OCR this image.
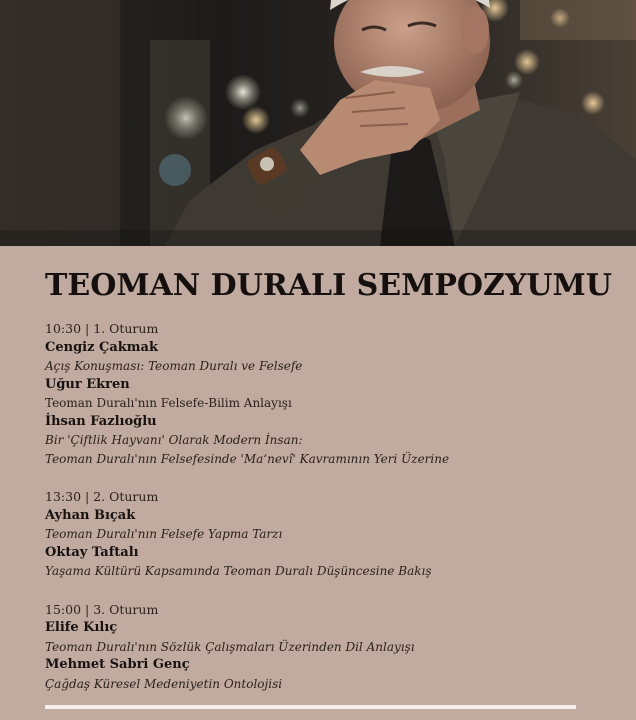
TEOMAN DURALI SEMPOZYUMU
10:30 | 1. Oturum
Cengiz Çakmak
Açış Konuşması: Teoman Duralı ve Felsefe
Uğur Ekren
Teoman Duralı'nın Felsefe-Bilim Anlayışı
İhsan Fazlıoğlu
Bir 'Çiftlik Hayvanı' Olarak Modern İnsan:
Teoman Duralı'nın Felsefesinde 'Ma‘nevî' Kavramının Yeri Üzerine
13:30 | 2. Oturum
Ayhan Bıçak
Teoman Duralı'nın Felsefe Yapma Tarzı
Oktay Taftalı
Yaşama Kültürü Kapsamında Teoman Duralı Düşüncesine Bakış
15:00 | 3. Oturum
Elife Kılıç
Teoman Duralı'nın Sözlük Çalışmaları Üzerinden Dil Anlayışı
Mehmet Sabri Genç
Çağdaş Küresel Medeniyetin Ontolojisi
